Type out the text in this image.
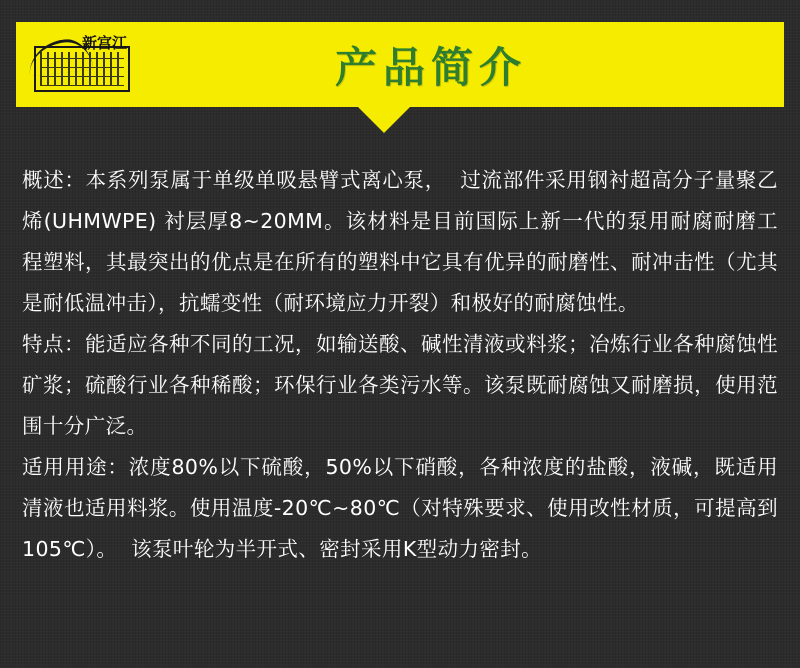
新宫江	产品简介

概述：本系列泵属于单级单吸悬臂式离心泵，  过流部件采用钢衬超高分子量聚乙烯(UHMWPE) 衬层厚8~20MM。该材料是目前国际上新一代的泵用耐腐耐磨工程塑料，其最突出的优点是在所有的塑料中它具有优异的耐磨性、耐冲击性（尤其是耐低温冲击），抗蠕变性（耐环境应力开裂）和极好的耐腐蚀性。

特点：能适应各种不同的工况，如输送酸、碱性清液或料浆；冶炼行业各种腐蚀性矿浆；硫酸行业各种稀酸；环保行业各类污水等。该泵既耐腐蚀又耐磨损，使用范围十分广泛。

适用用途：浓度80%以下硫酸，50%以下硝酸，各种浓度的盐酸，液碱，既适用清液也适用料浆。使用温度-20℃~80℃（对特殊要求、使用改性材质，可提高到105℃）。  该泵叶轮为半开式、密封采用K型动力密封。
